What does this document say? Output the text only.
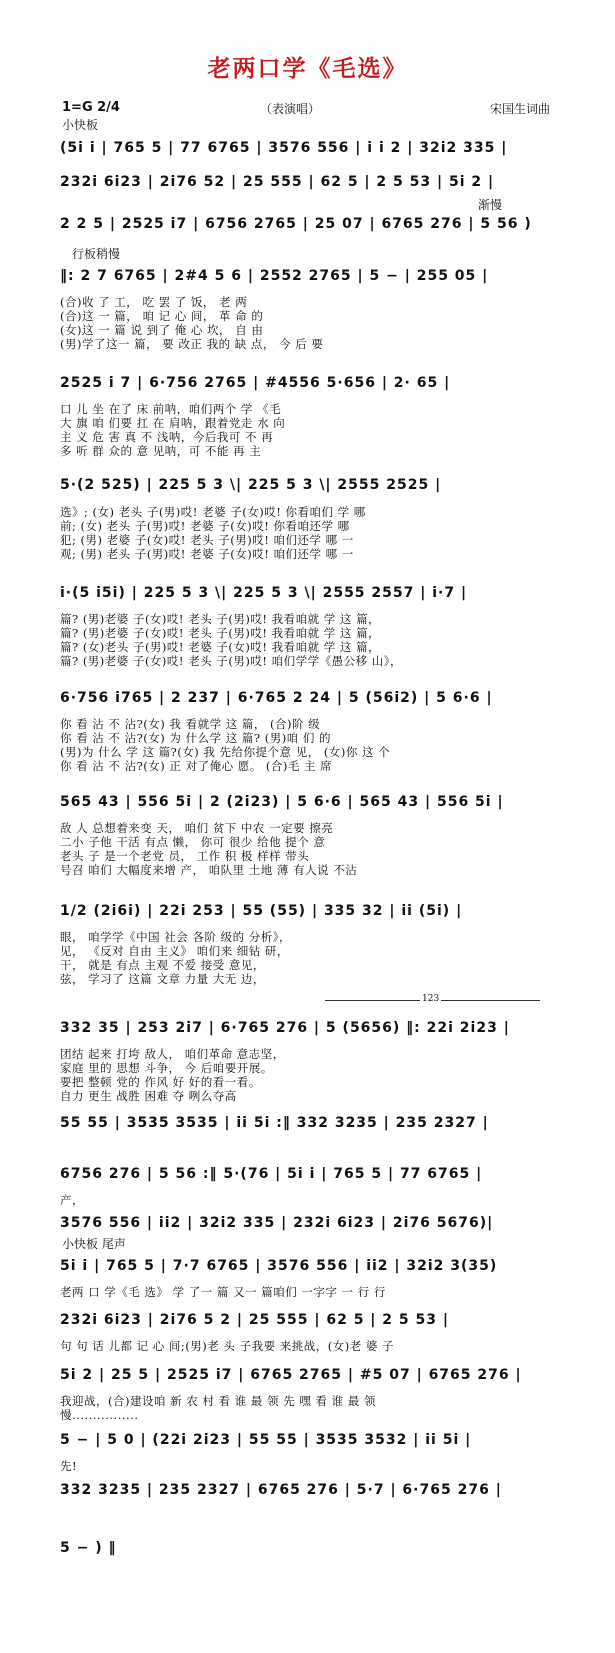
老两口学《毛选》
1=G 2/4	（表演唱）	宋国生词曲
小快板
渐慢
行板稍慢
小快板 尾声
(5i i | 765 5 | 77 6765 | 3576 556 | i i 2 | 32i2 335 |
232i 6i23 | 2i76 52 | 25 555 | 62 5 | 2 5 53 | 5i 2 |
2 2 5 | 2525 i7 | 6756 2765 | 25 07 | 6765 276 | 5 56 )
‖: 2 7 6765 | 2#4 5 6 | 2552 2765 | 5 − | 255 05 |
2525 i 7 | 6·756 2765 | #4556 5·656 | 2· 65 |
5·(2 525) | 225 5 3 \| 225 5 3 \| 2555 2525 |
i·(5 i5i) | 225 5 3 \| 225 5 3 \| 2555 2557 | i·7 |
6·756 i765 | 2 237 | 6·765 2 24 | 5 (56i2) | 5 6·6 |
565 43 | 556 5i | 2 (2i23) | 5 6·6 | 565 43 | 556 5i |
1/2 (2i6i) | 22i 253 | 55 (55) | 335 32 | ii (5i) |
332 35 | 253 2i7 | 6·765 276 | 5 (5656) ‖: 22i 2i23 |
55 55 | 3535 3535 | ii 5i :‖ 332 3235 | 235 2327 |
6756 276 | 5 56 :‖ 5·(76 | 5i i | 765 5 | 77 6765 |
3576 556 | ii2 | 32i2 335 | 232i 6i23 | 2i76 5676)|
5i i | 765 5 | 7·7 6765 | 3576 556 | ii2 | 32i2 3(35)
232i 6i23 | 2i76 5 2 | 25 555 | 62 5 | 2 5 53 |
5i 2 | 25 5 | 2525 i7 | 6765 2765 | #5 07 | 6765 276 |
5 − | 5 0 | (22i 2i23 | 55 55 | 3535 3532 | ii 5i |
332 3235 | 235 2327 | 6765 276 | 5·7 | 6·765 276 |
5 − ) ‖
(合)收 了 工， 吃 罢 了 饭， 老 两
(合)这 一 篇， 咱 记 心 间， 革 命 的
(女)这 一 篇 说 到了 俺 心 坎， 自 由
(男)学了这一 篇， 要 改正 我的 缺 点， 今 后 要
口 儿 坐 在了 床 前呐，咱们两个 学 《毛
大 旗 咱 们要 扛 在 肩呐，跟着党走 水 向
主 义 危 害 真 不 浅呐，今后我可 不 再
多 听 群 众的 意 见呐，可 不能 再 主
选》; (女) 老头 子(男)哎! 老婆 子(女)哎! 你看咱们 学 哪
前; (女) 老头 子(男)哎! 老婆 子(女)哎! 你看咱还学 哪
犯; (男) 老婆 子(女)哎! 老头 子(男)哎! 咱们还学 哪 一
观; (男) 老头 子(男)哎! 老婆 子(女)哎! 咱们还学 哪 一
篇? (男)老婆 子(女)哎! 老头 子(男)哎! 我看咱就 学 这 篇，
篇? (男)老婆 子(女)哎! 老头 子(男)哎! 我看咱就 学 这 篇，
篇? (女)老头 子(男)哎! 老婆 子(女)哎! 我看咱就 学 这 篇，
篇? (男)老婆 子(女)哎! 老头 子(男)哎! 咱们学学《愚公移 山》，
你 看 沾 不 沾?(女) 我 看就学 这 篇， (合)阶 级
你 看 沾 不 沾?(女) 为 什么学 这 篇? (男)咱 们 的
(男)为 什么 学 这 篇?(女) 我 先给你提个意 见， (女)你 这 个
你 看 沾 不 沾?(女) 正 对了俺心 愿。 (合)毛 主 席
敌 人 总想着来变 天， 咱们 贫下 中农 一定要 擦亮
二小 子他 干活 有点 懒， 你可 很少 给他 提个 意
老头 子 是一个老党 员， 工作 积 极 样样 带头
号召 咱们 大幅度来增 产， 咱队里 土地 薄 有人说 不沾
眼， 咱学学《中国 社会 各阶 级的 分析》，
见， 《反对 自由 主义》 咱们来 细钻 研，
干， 就是 有点 主观 不爱 接受 意见，
弦， 学习了 这篇 文章 力量 大无 边，
团结 起来 打垮 敌人， 咱们革命 意志坚，
家庭 里的 思想 斗争， 今 后咱要开展。
要把 整顿 党的 作风 好 好的看一看。
自力 更生 战胜 困难 夺 咧么夺高
产，
老两 口 学《毛 选》 学 了一 篇 又一 篇咱们 一字字 一 行 行
句 句 话 儿都 记 心 间;(男)老 头 子我要 来挑战，(女)老 婆 子
我迎战，(合)建设咱 新 农 村 看 谁 最 领 先 嘿 看 谁 最 领
慢................
先!
123
